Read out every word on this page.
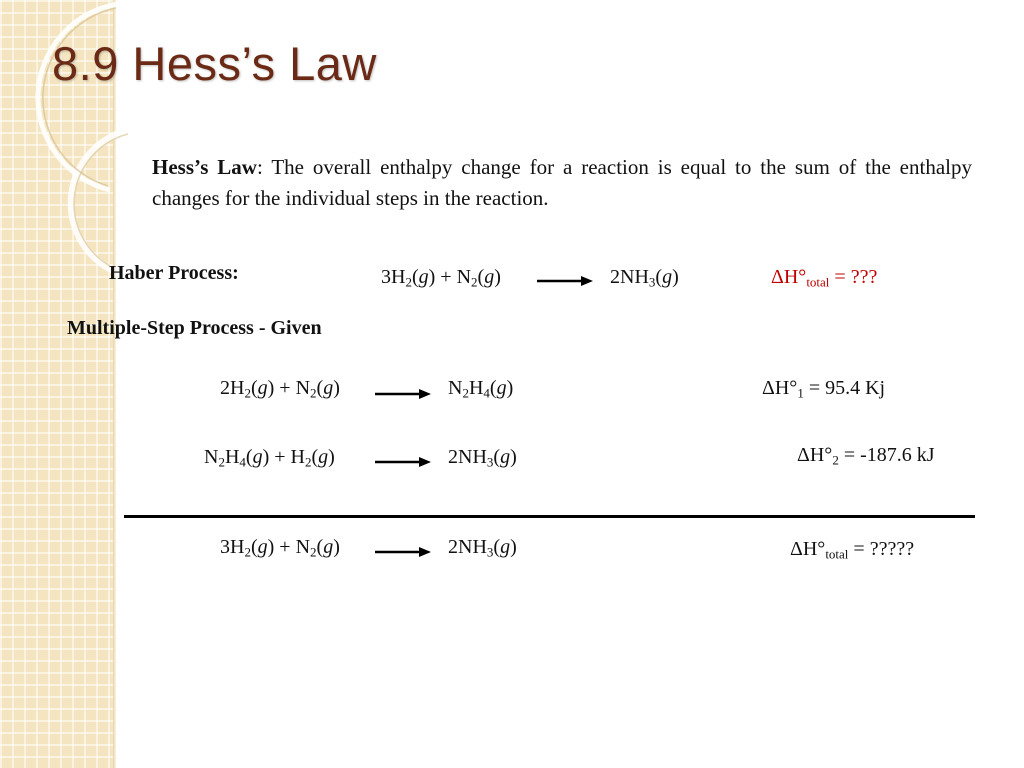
8.9 Hess’s Law

Hess’s Law: The overall enthalpy change for a reaction is equal to the sum of the enthalpy changes for the individual steps in the reaction.

Haber Process:	$3H_2(g) + N_2(g)$	$2NH_3(g)$	$\Delta H^\circ_{total}$ = ???
Multiple-Step Process - Given
$2H_2(g) + N_2(g)$	$N_2H_4(g)$	$\Delta H^\circ_1 = 95.4$ Kj
$N_2H_4(g) + H_2(g)$	$2NH_3(g)$	$\Delta H^\circ_2 = -187.6$ kJ
$3H_2(g) + N_2(g)$	$2NH_3(g)$	$\Delta H^\circ_{total}$ = ?????
